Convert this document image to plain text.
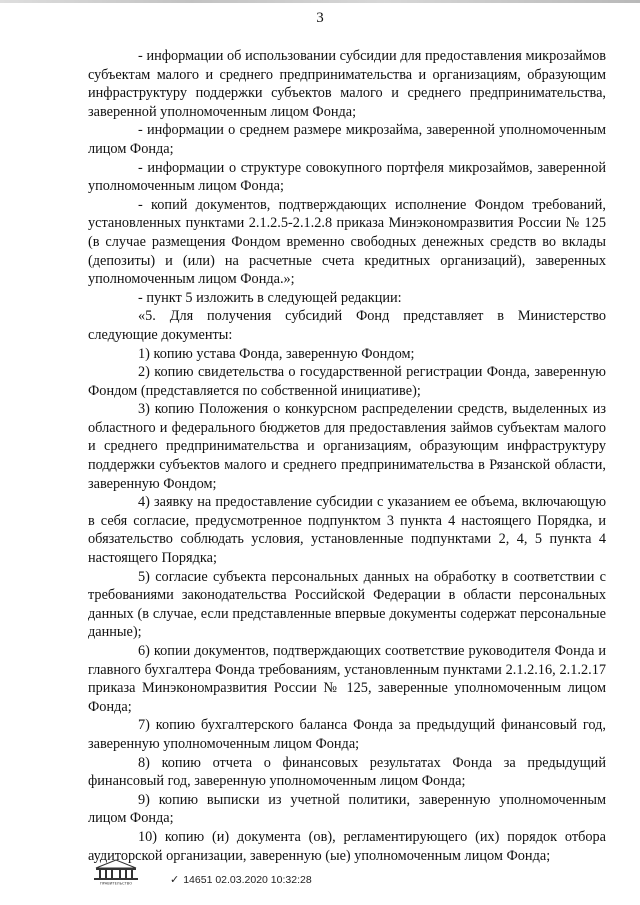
3

- информации об использовании субсидии для предоставления микрозаймов субъектам малого и среднего предпринимательства и организациям, образующим инфраструктуру поддержки субъектов малого и среднего предпринимательства, заверенной уполномоченным лицом Фонда;

- информации о среднем размере микрозайма, заверенной уполномоченным лицом Фонда;

- информации о структуре совокупного портфеля микрозаймов, заверенной уполномоченным лицом Фонда;

- копий документов, подтверждающих исполнение Фондом требований, установленных пунктами 2.1.2.5-2.1.2.8 приказа Минэкономразвития России № 125 (в случае размещения Фондом временно свободных денежных средств во вклады (депозиты) и (или) на расчетные счета кредитных организаций), заверенных уполномоченным лицом Фонда.»;

- пункт 5 изложить в следующей редакции:

«5. Для получения субсидий Фонд представляет в Министерство следующие документы:

1) копию устава Фонда, заверенную Фондом;

2) копию свидетельства о государственной регистрации Фонда, заверенную Фондом (представляется по собственной инициативе);

3) копию Положения о конкурсном распределении средств, выделенных из областного и федерального бюджетов для предоставления займов субъектам малого и среднего предпринимательства и организациям, образующим инфраструктуру поддержки субъектов малого и среднего предпринимательства в Рязанской области, заверенную Фондом;

4) заявку на предоставление субсидии с указанием ее объема, включающую в себя согласие, предусмотренное подпунктом 3 пункта 4 настоящего Порядка, и обязательство соблюдать условия, установленные подпунктами 2, 4, 5 пункта 4 настоящего Порядка;

5) согласие субъекта персональных данных на обработку в соответствии с требованиями законодательства Российской Федерации в области персональных данных (в случае, если представленные впервые документы содержат персональные данные);

6) копии документов, подтверждающих соответствие руководителя Фонда и главного бухгалтера Фонда требованиям, установленным пунктами 2.1.2.16, 2.1.2.17 приказа Минэкономразвития России № 125, заверенные уполномоченным лицом Фонда;

7) копию бухгалтерского баланса Фонда за предыдущий финансовый год, заверенную уполномоченным лицом Фонда;

8) копию отчета о финансовых результатах Фонда за предыдущий финансовый год, заверенную уполномоченным лицом Фонда;

9) копию выписки из учетной политики, заверенную уполномоченным лицом Фонда;

10) копию (и) документа (ов), регламентирующего (их) порядок отбора аудиторской организации, заверенную (ые) уполномоченным лицом Фонда;

ПРАВИТЕЛЬСТВО	✓ 14651 02.03.2020 10:32:28
